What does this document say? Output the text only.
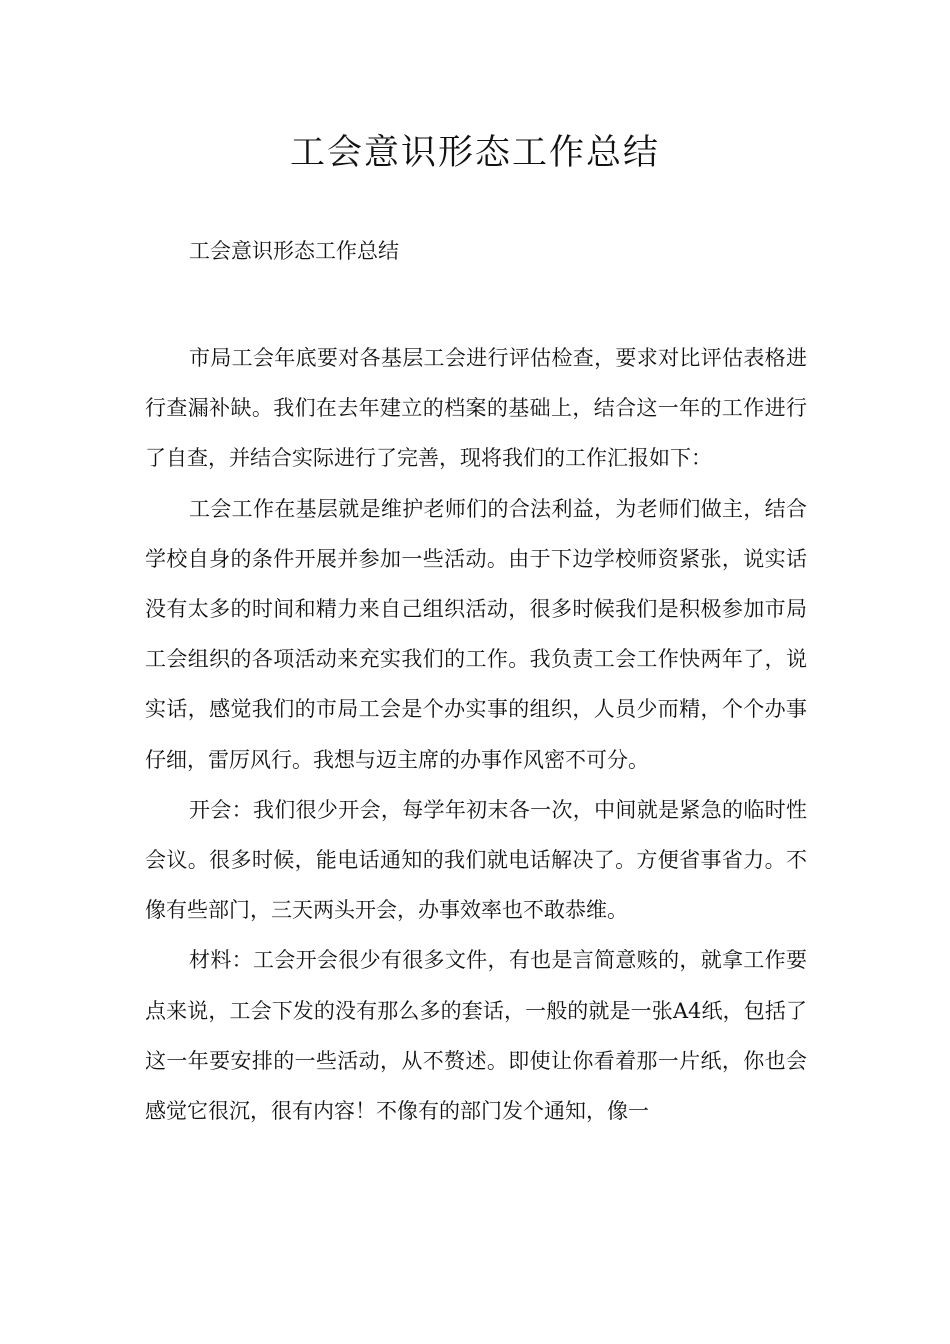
工会意识形态工作总结

工会意识形态工作总结

市局工会年底要对各基层工会进行评估检查，要求对比评估表格进行查漏补缺。我们在去年建立的档案的基础上，结合这一年的工作进行了自查，并结合实际进行了完善，现将我们的工作汇报如下：

工会工作在基层就是维护老师们的合法利益，为老师们做主，结合学校自身的条件开展并参加一些活动。由于下边学校师资紧张，说实话没有太多的时间和精力来自己组织活动，很多时候我们是积极参加市局工会组织的各项活动来充实我们的工作。我负责工会工作快两年了，说实话，感觉我们的市局工会是个办实事的组织，人员少而精，个个办事仔细，雷厉风行。我想与迈主席的办事作风密不可分。

开会：我们很少开会，每学年初末各一次，中间就是紧急的临时性会议。很多时候，能电话通知的我们就电话解决了。方便省事省力。不像有些部门，三天两头开会，办事效率也不敢恭维。

材料：工会开会很少有很多文件，有也是言简意赅的，就拿工作要点来说，工会下发的没有那么多的套话，一般的就是一张A4纸，包括了这一年要安排的一些活动，从不赘述。即使让你看着那一片纸，你也会感觉它很沉，很有内容！不像有的部门发个通知，像一
